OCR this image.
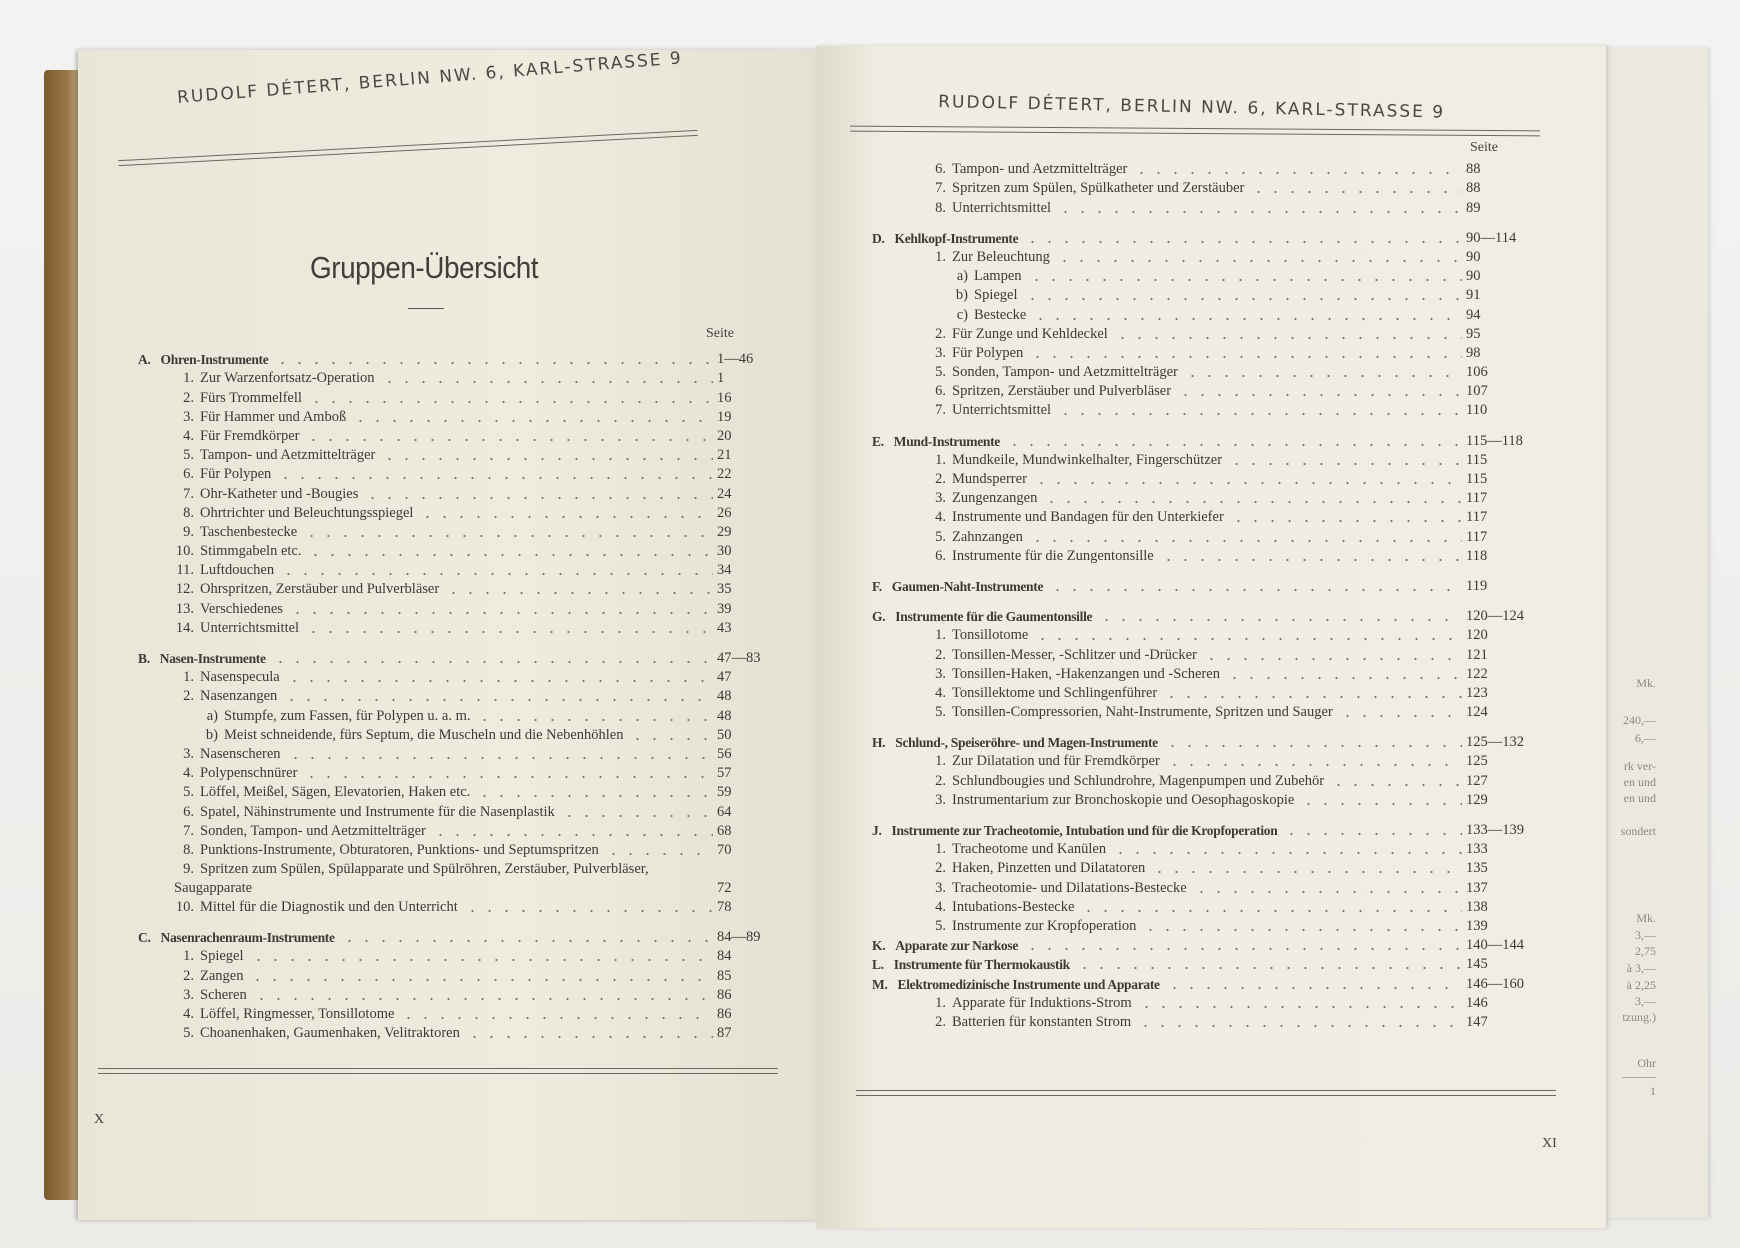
RUDOLF DÉTERT, BERLIN NW. 6, KARL-STRASSE 9
Gruppen-Übersicht
Seite
A. Ohren-Instrumente	1—46
1. Zur Warzenfortsatz-Operation	1
2. Fürs Trommelfell	16
3. Für Hammer und Amboß	19
4. Für Fremdkörper	20
5. Tampon- und Aetzmittelträger	21
6. Für Polypen	22
7. Ohr-Katheter und -Bougies	24
8. Ohrtrichter und Beleuchtungsspiegel	26
9. Taschenbestecke	29
10. Stimmgabeln etc.	30
11. Luftdouchen	34
12. Ohrspritzen, Zerstäuber und Pulverbläser	35
13. Verschiedenes	39
14. Unterrichtsmittel	43
B. Nasen-Instrumente	47—83
1. Nasenspecula	47
2. Nasenzangen	48
a) Stumpfe, zum Fassen, für Polypen u. a. m.	48
b) Meist schneidende, fürs Septum, die Muscheln und die Nebenhöhlen	50
3. Nasenscheren	56
4. Polypenschnürer	57
5. Löffel, Meißel, Sägen, Elevatorien, Haken etc.	59
6. Spatel, Nähinstrumente und Instrumente für die Nasenplastik	64
7. Sonden, Tampon- und Aetzmittelträger	68
8. Punktions-Instrumente, Obturatoren, Punktions- und Septumspritzen	70
9. Spritzen zum Spülen, Spülapparate und Spülröhren, Zerstäuber, Pulverbläser, Saugapparate	72
10. Mittel für die Diagnostik und den Unterricht	78
C. Nasenrachenraum-Instrumente	84—89
1. Spiegel	84
2. Zangen	85
3. Scheren	86
4. Löffel, Ringmesser, Tonsillotome	86
5. Choanenhaken, Gaumenhaken, Velitraktoren	87
X
RUDOLF DÉTERT, BERLIN NW. 6, KARL-STRASSE 9
Seite
6. Tampon- und Aetzmittelträger	88
7. Spritzen zum Spülen, Spülkatheter und Zerstäuber	88
8. Unterrichtsmittel	89
D. Kehlkopf-Instrumente	90—114
1. Zur Beleuchtung	90
a) Lampen	90
b) Spiegel	91
c) Bestecke	94
2. Für Zunge und Kehldeckel	95
3. Für Polypen	98
5. Sonden, Tampon- und Aetzmittelträger	106
6. Spritzen, Zerstäuber und Pulverbläser	107
7. Unterrichtsmittel	110
E. Mund-Instrumente	115—118
1. Mundkeile, Mundwinkelhalter, Fingerschützer	115
2. Mundsperrer	115
3. Zungenzangen	117
4. Instrumente und Bandagen für den Unterkiefer	117
5. Zahnzangen	117
6. Instrumente für die Zungentonsille	118
F. Gaumen-Naht-Instrumente	119
G. Instrumente für die Gaumentonsille	120—124
1. Tonsillotome	120
2. Tonsillen-Messer, -Schlitzer und -Drücker	121
3. Tonsillen-Haken, -Hakenzangen und -Scheren	122
4. Tonsillektome und Schlingenführer	123
5. Tonsillen-Compressorien, Naht-Instrumente, Spritzen und Sauger	124
H. Schlund-, Speiseröhre- und Magen-Instrumente	125—132
1. Zur Dilatation und für Fremdkörper	125
2. Schlundbougies und Schlundrohre, Magenpumpen und Zubehör	127
3. Instrumentarium zur Bronchoskopie und Oesophagoskopie	129
J. Instrumente zur Tracheotomie, Intubation und für die Kropfoperation	133—139
1. Tracheotome und Kanülen	133
2. Haken, Pinzetten und Dilatatoren	135
3. Tracheotomie- und Dilatations-Bestecke	137
4. Intubations-Bestecke	138
5. Instrumente zur Kropfoperation	139
K. Apparate zur Narkose	140—144
L. Instrumente für Thermokaustik	145
M. Elektromedizinische Instrumente und Apparate	146—160
1. Apparate für Induktions-Strom	146
2. Batterien für konstanten Strom	147
XI
Mk.
240,—
6,—
rk ver-
en und
en und
sondert
Mk.
3,—
2,75
à 3,—
à 2,25
3,—
tzung.)
Ohr
1
